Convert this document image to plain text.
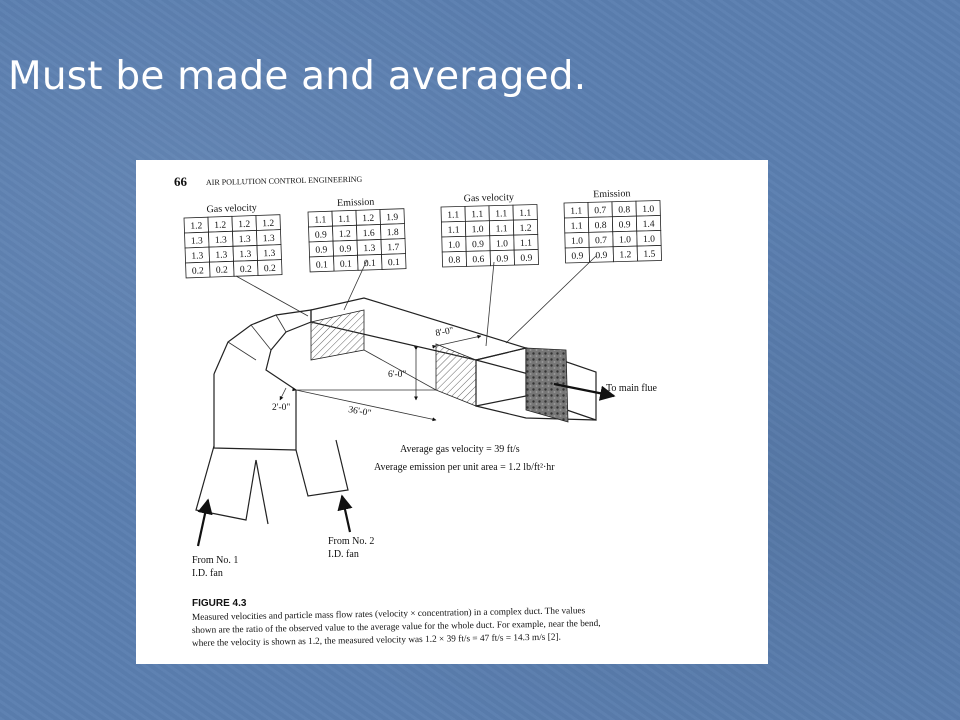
Must be made and averaged.
66 AIR POLLUTION CONTROL ENGINEERING
Gas velocity
1.2 1.2 1.2 1.2
1.3 1.3 1.3 1.3
1.3 1.3 1.3 1.3
0.2 0.2 0.2 0.2
Emission
1.1 1.1 1.2 1.9
0.9 1.2 1.6 1.8
0.9 0.9 1.3 1.7
0.1 0.1 0.1 0.1
Gas velocity
1.1 1.1 1.1 1.1
1.1 1.0 1.1 1.2
1.0 0.9 1.0 1.1
0.8 0.6 0.9 0.9
Emission
1.1 0.7 0.8 1.0
1.1 0.8 0.9 1.4
1.0 0.7 1.0 1.0
0.9 0.9 1.2 1.5
To main flue
8'-0"
6'-0"
36'-0"
2'-0"
Average gas velocity = 39 ft/s
Average emission per unit area = 1.2 lb/ft²·hr
From No. 1
I.D. fan
From No. 2
I.D. fan
FIGURE 4.3
Measured velocities and particle mass flow rates (velocity × concentration) in a complex duct. The values
shown are the ratio of the observed value to the average value for the whole duct. For example, near the bend,
where the velocity is shown as 1.2, the measured velocity was 1.2 × 39 ft/s = 47 ft/s = 14.3 m/s [2].
